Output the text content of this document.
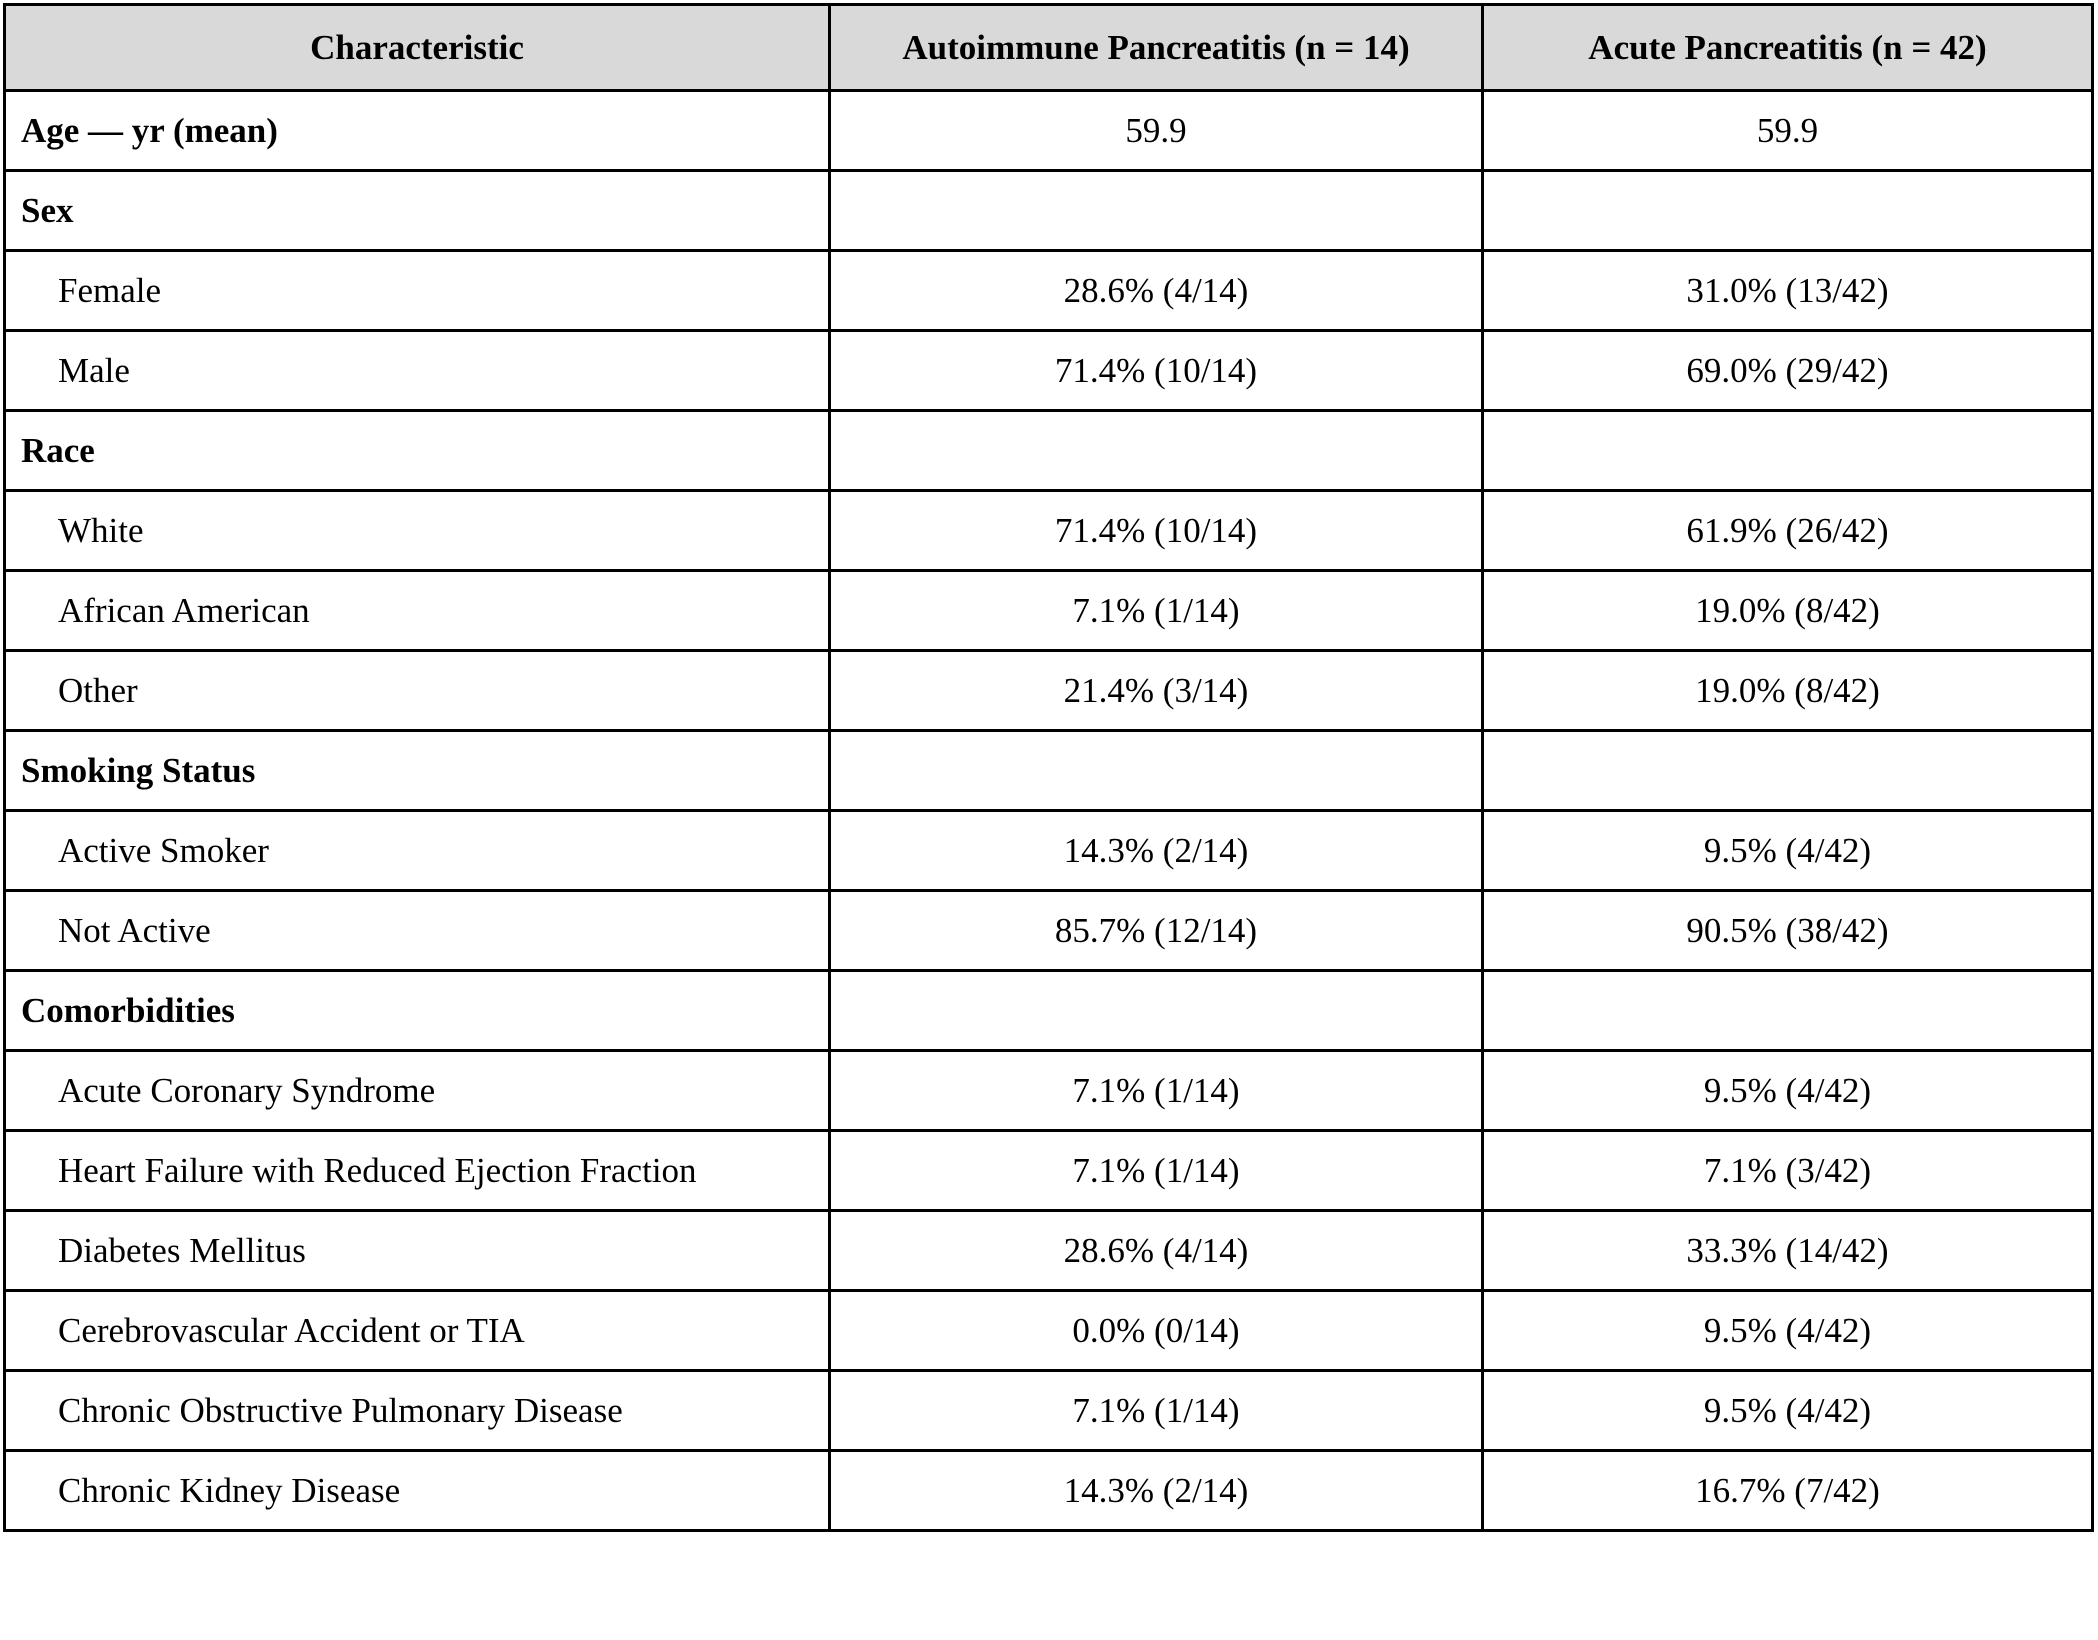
Characteristic	Autoimmune Pancreatitis (n = 14)	Acute Pancreatitis (n = 42)
Age — yr (mean)	59.9	59.9
Sex		
Female	28.6% (4/14)	31.0% (13/42)
Male	71.4% (10/14)	69.0% (29/42)
Race		
White	71.4% (10/14)	61.9% (26/42)
African American	7.1% (1/14)	19.0% (8/42)
Other	21.4% (3/14)	19.0% (8/42)
Smoking Status		
Active Smoker	14.3% (2/14)	9.5% (4/42)
Not Active	85.7% (12/14)	90.5% (38/42)
Comorbidities		
Acute Coronary Syndrome	7.1% (1/14)	9.5% (4/42)
Heart Failure with Reduced Ejection Fraction	7.1% (1/14)	7.1% (3/42)
Diabetes Mellitus	28.6% (4/14)	33.3% (14/42)
Cerebrovascular Accident or TIA	0.0% (0/14)	9.5% (4/42)
Chronic Obstructive Pulmonary Disease	7.1% (1/14)	9.5% (4/42)
Chronic Kidney Disease	14.3% (2/14)	16.7% (7/42)
